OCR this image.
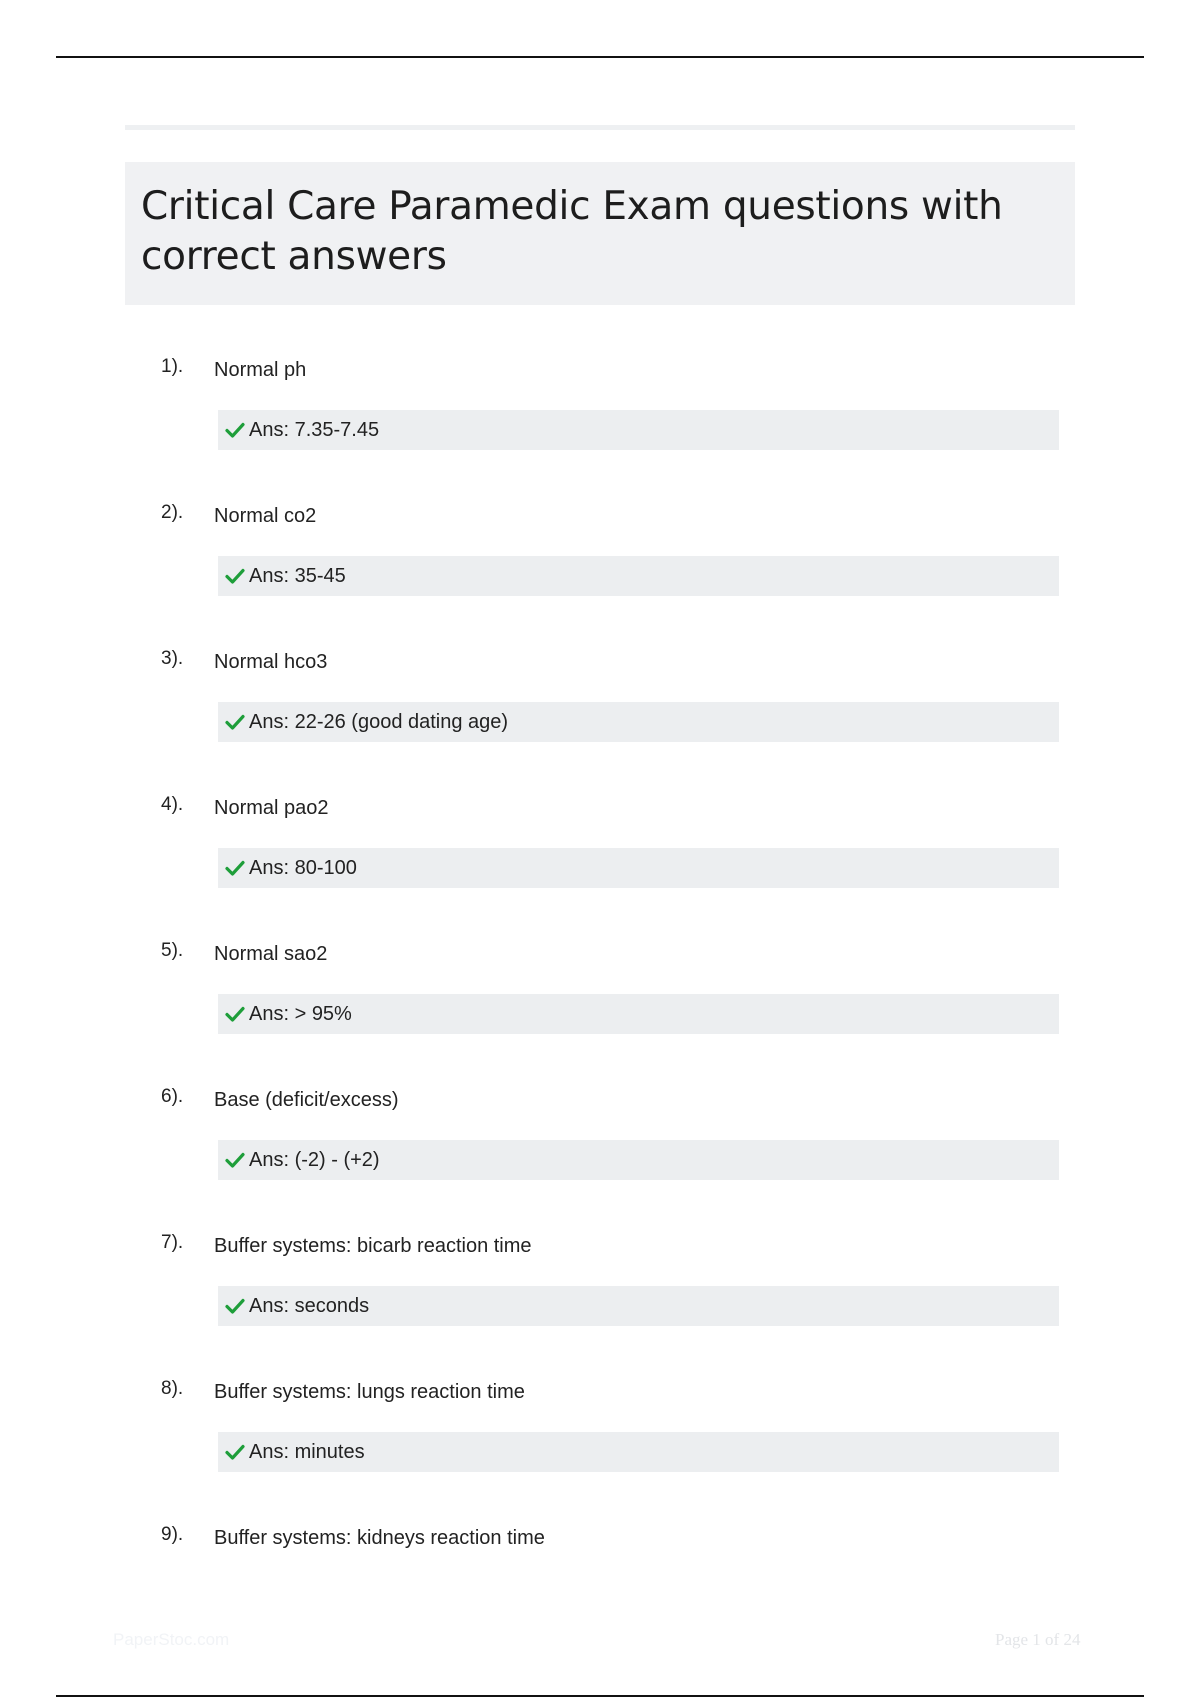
Critical Care Paramedic Exam questions with correct answers
1). Normal ph
Ans: 7.35-7.45
2). Normal co2
Ans: 35-45
3). Normal hco3
Ans: 22-26 (good dating age)
4). Normal pao2
Ans: 80-100
5). Normal sao2
Ans: > 95%
6). Base (deficit/excess)
Ans: (-2) - (+2)
7). Buffer systems: bicarb reaction time
Ans: seconds
8). Buffer systems: lungs reaction time
Ans: minutes
9). Buffer systems: kidneys reaction time
PaperStoc.com	Page 1 of 24
